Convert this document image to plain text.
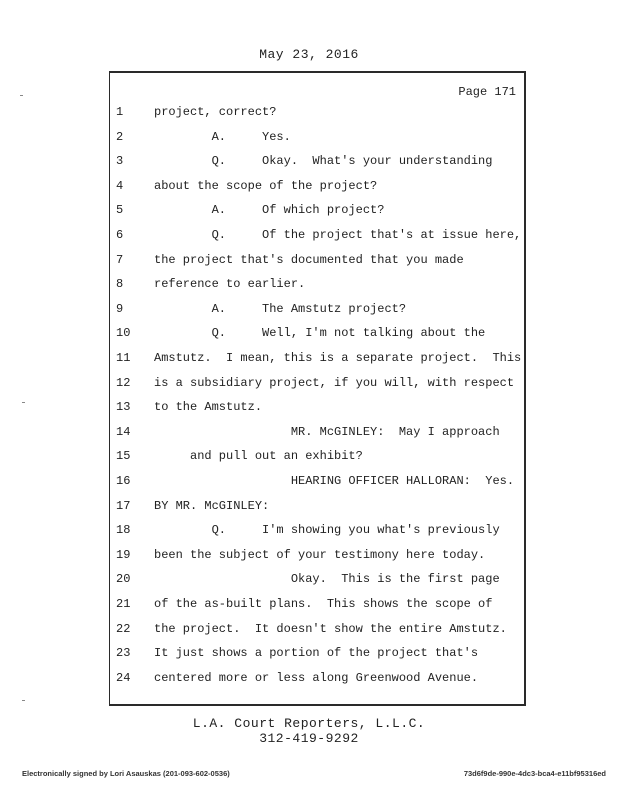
May 23, 2016
Page 171
1	project, correct?
2	A.     Yes.
3	Q.     Okay.  What's your understanding
4	about the scope of the project?
5	A.     Of which project?
6	Q.     Of the project that's at issue here,
7	the project that's documented that you made
8	reference to earlier.
9	A.     The Amstutz project?
10 Q.     Well, I'm not talking about the
11 Amstutz.  I mean, this is a separate project.  This
12 is a subsidiary project, if you will, with respect
13 to the Amstutz.
14 MR. McGINLEY:  May I approach
15 and pull out an exhibit?
16 HEARING OFFICER HALLORAN:  Yes.
17 BY MR. McGINLEY:
18 Q.     I'm showing you what's previously
19 been the subject of your testimony here today.
20 Okay.  This is the first page
21 of the as-built plans.  This shows the scope of
22 the project.  It doesn't show the entire Amstutz.
23 It just shows a portion of the project that's
24 centered more or less along Greenwood Avenue.
L.A. Court Reporters, L.L.C.
312-419-9292
Electronically signed by Lori Asauskas (201-093-602-0536)	73d6f9de-990e-4dc3-bca4-e11bf95316ed
